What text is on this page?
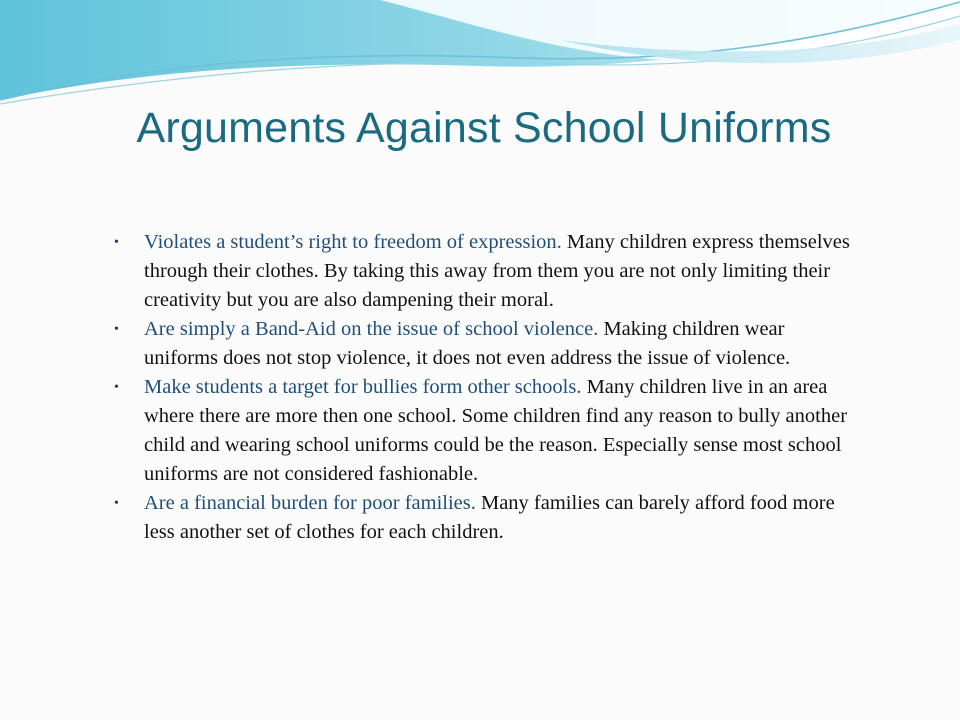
Arguments Against School Uniforms
• Violates a student’s right to freedom of expression. Many children express themselves through their clothes. By taking this away from them you are not only limiting their creativity but you are also dampening their moral.
• Are simply a Band-Aid on the issue of school violence. Making children wear uniforms does not stop violence, it does not even address the issue of violence.
• Make students a target for bullies form other schools. Many children live in an area where there are more then one school. Some children find any reason to bully another child and wearing school uniforms could be the reason. Especially sense most school uniforms are not considered fashionable.
• Are a financial burden for poor families. Many families can barely afford food more less another set of clothes for each children.
